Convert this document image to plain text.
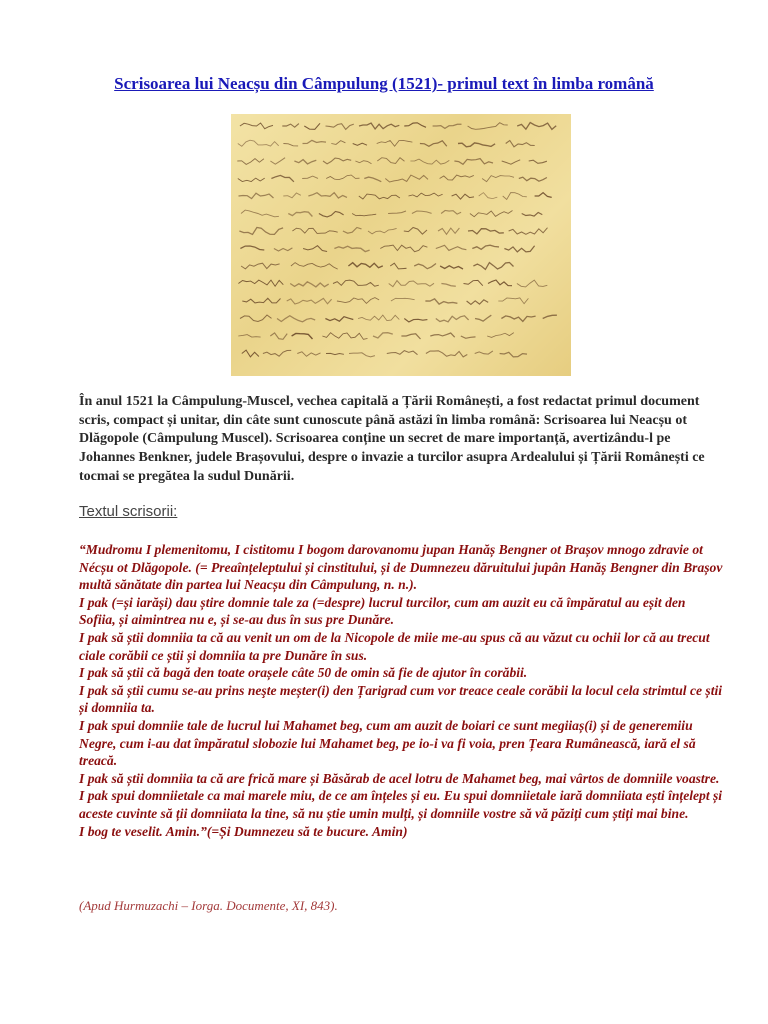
Scrisoarea lui Neacșu din Câmpulung (1521)- primul text în limba română

În anul 1521 la Câmpulung-Muscel, vechea capitală a Țării Românești, a fost redactat primul document scris, compact și unitar, din câte sunt cunoscute până astăzi în limba română: Scrisoarea lui Neacșu ot Dlăgopole (Câmpulung Muscel). Scrisoarea conține un secret de mare importanță, avertizându-l pe Johannes Benkner, judele Brașovului, despre o invazie a turcilor asupra Ardealului și Țării Românești ce tocmai se pregătea la sudul Dunării.

Textul scrisorii:

“Mudromu I plemenitomu, I cistitomu I bogom darovanomu jupan Hanăș Bengner ot Brașov mnogo zdravie ot Nécșu ot Dlăgopole. (= Preaînțeleptului și cinstitului, și de Dumnezeu dăruitului jupân Hanăș Bengner din Brașov multă sănătate din partea lui Neacșu din Câmpulung, n. n.).

I pak (=și iarăși) dau știre domnie tale za (=despre) lucrul turcilor, cum am auzit eu că împăratul au eșit den Sofiia, și aimintrea nu e, și se-au dus în sus pre Dunăre.

I pak să știi domniia ta că au venit un om de la Nicopole de miie me-au spus că au văzut cu ochii lor că au trecut ciale corăbii ce știi și domniia ta pre Dunăre în sus.

I pak să știi că bagă den toate orașele câte 50 de omin să fie de ajutor în corăbii.

I pak să știi cumu se-au prins neşte meșter(i) den Țarigrad cum vor treace ceale corăbii la locul cela strimtul ce știi și domniia ta.

I pak spui domniie tale de lucrul lui Mahamet beg, cum am auzit de boiari ce sunt megiiaș(i) și de generemiiu Negre, cum i-au dat împăratul slobozie lui Mahamet beg, pe io-i va fi voia, pren Țeara Rumânească, iară el să treacă.

I pak să știi domniia ta că are frică mare și Băsărab de acel lotru de Mahamet beg, mai vârtos de domniile voastre.

I pak spui domniietale ca mai marele miu, de ce am înțeles și eu. Eu spui domniietale iară domniiata ești înțelept și aceste cuvinte să ții domniiata la tine, să nu știe umin mulți, și domniile vostre să vă păziți cum știți mai bine.

I bog te veselit. Amin.”(=Și Dumnezeu să te bucure. Amin)

(Apud Hurmuzachi – Iorga. Documente, XI, 843).
